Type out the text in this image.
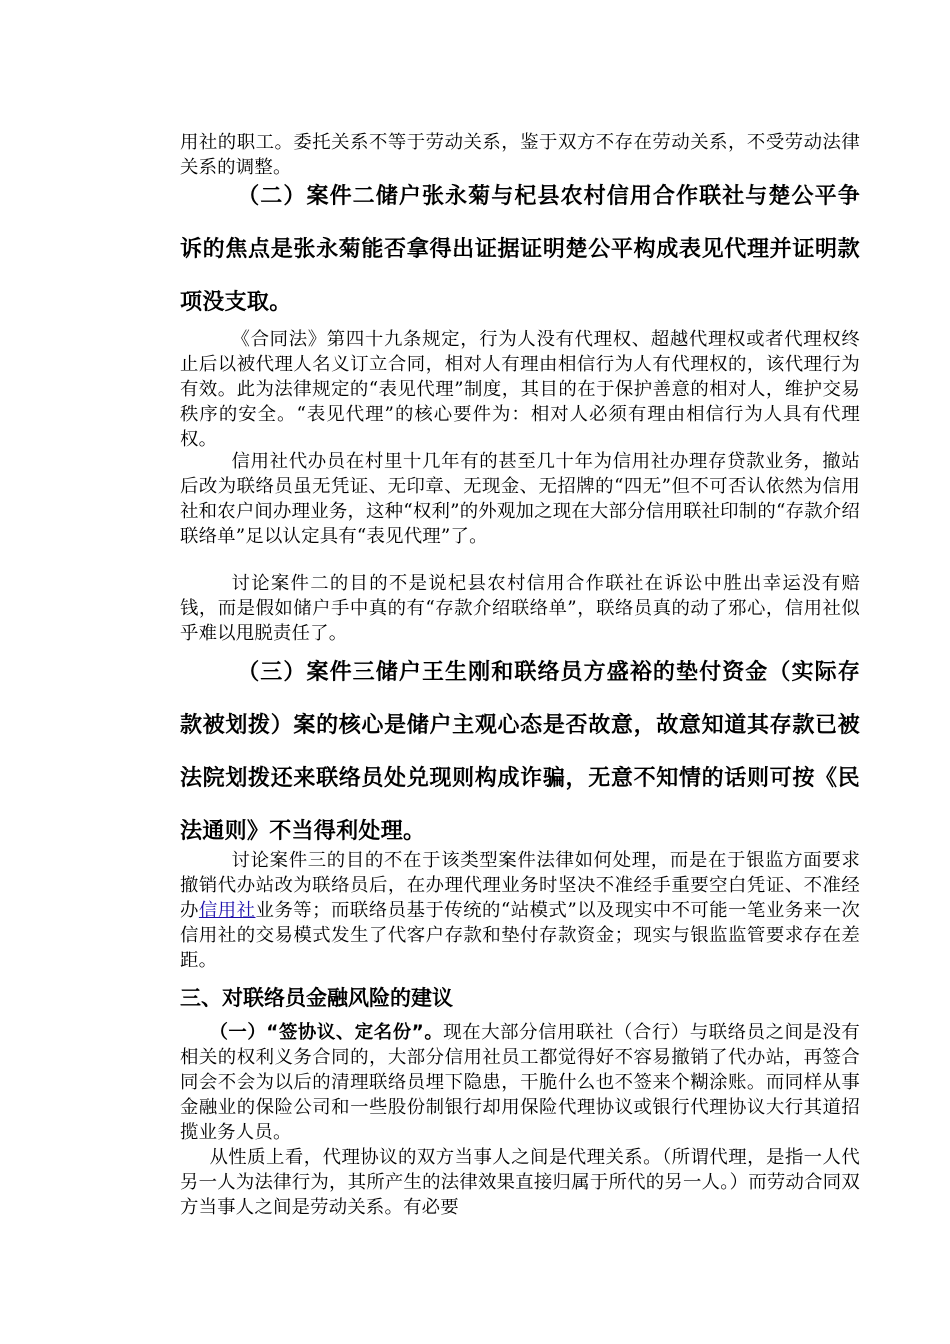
用社的职工。委托关系不等于劳动关系，鉴于双方不存在劳动关系，不受劳动法律关系的调整。
（二）案件二储户张永菊与杞县农村信用合作联社与楚公平争诉的焦点是张永菊能否拿得出证据证明楚公平构成表见代理并证明款项没支取。
《合同法》第四十九条规定，行为人没有代理权、超越代理权或者代理权终止后以被代理人名义订立合同，相对人有理由相信行为人有代理权的，该代理行为有效。此为法律规定的“表见代理”制度，其目的在于保护善意的相对人，维护交易秩序的安全。“表见代理”的核心要件为：相对人必须有理由相信行为人具有代理权。
信用社代办员在村里十几年有的甚至几十年为信用社办理存贷款业务，撤站后改为联络员虽无凭证、无印章、无现金、无招牌的“四无”但不可否认依然为信用社和农户间办理业务，这种“权利”的外观加之现在大部分信用联社印制的“存款介绍联络单”足以认定具有“表见代理”了。
讨论案件二的目的不是说杞县农村信用合作联社在诉讼中胜出幸运没有赔钱，而是假如储户手中真的有“存款介绍联络单”，联络员真的动了邪心，信用社似乎难以甩脱责任了。
（三）案件三储户王生刚和联络员方盛裕的垫付资金（实际存款被划拨）案的核心是储户主观心态是否故意，故意知道其存款已被法院划拨还来联络员处兑现则构成诈骗，无意不知情的话则可按《民法通则》不当得利处理。
讨论案件三的目的不在于该类型案件法律如何处理，而是在于银监方面要求撤销代办站改为联络员后，在办理代理业务时坚决不准经手重要空白凭证、不准经办信用社业务等；而联络员基于传统的“站模式”以及现实中不可能一笔业务来一次信用社的交易模式发生了代客户存款和垫付存款资金；现实与银监监管要求存在差距。
三、对联络员金融风险的建议
（一）“签协议、定名份”。现在大部分信用联社（合行）与联络员之间是没有相关的权利义务合同的，大部分信用社员工都觉得好不容易撤销了代办站，再签合同会不会为以后的清理联络员埋下隐患，干脆什么也不签来个糊涂账。而同样从事金融业的保险公司和一些股份制银行却用保险代理协议或银行代理协议大行其道招揽业务人员。
从性质上看，代理协议的双方当事人之间是代理关系。（所谓代理，是指一人代另一人为法律行为，其所产生的法律效果直接归属于所代的另一人。）而劳动合同双方当事人之间是劳动关系。有必要
